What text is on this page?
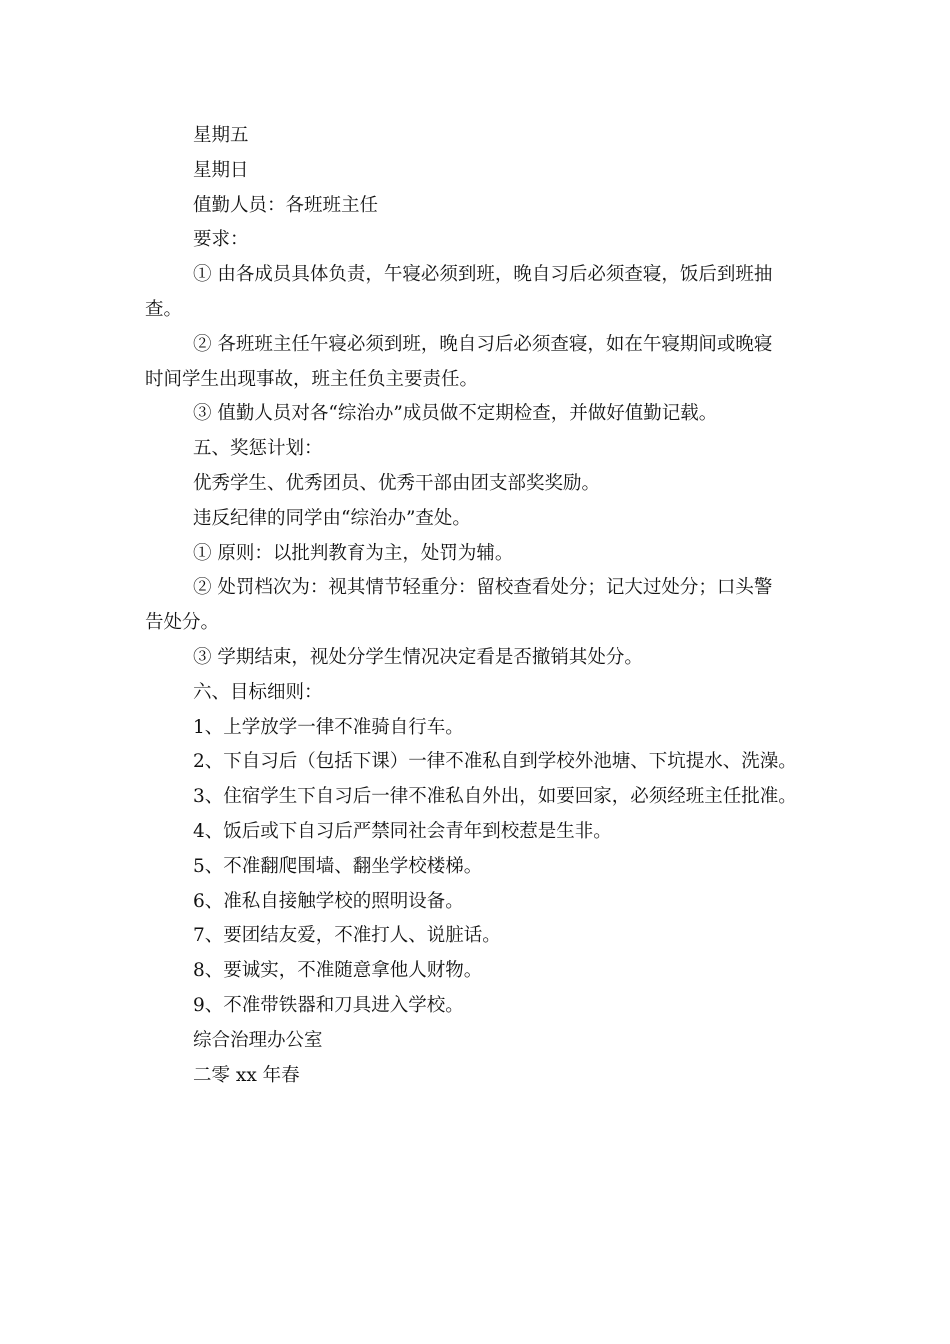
星期五
星期日
值勤人员：各班班主任
要求：
① 由各成员具体负责，午寝必须到班，晚自习后必须查寝，饭后到班抽
查。
② 各班班主任午寝必须到班，晚自习后必须查寝，如在午寝期间或晚寝
时间学生出现事故，班主任负主要责任。
③ 值勤人员对各“综治办”成员做不定期检查，并做好值勤记载。
五、奖惩计划：
优秀学生、优秀团员、优秀干部由团支部奖奖励。
违反纪律的同学由“综治办”查处。
① 原则：以批判教育为主，处罚为辅。
② 处罚档次为：视其情节轻重分：留校查看处分；记大过处分；口头警
告处分。
③ 学期结束，视处分学生情况决定看是否撤销其处分。
六、目标细则：
1、上学放学一律不准骑自行车。
2、下自习后（包括下课）一律不准私自到学校外池塘、下坑提水、洗澡。
3、住宿学生下自习后一律不准私自外出，如要回家，必须经班主任批准。
4、饭后或下自习后严禁同社会青年到校惹是生非。
5、不准翻爬围墙、翻坐学校楼梯。
6、准私自接触学校的照明设备。
7、要团结友爱，不准打人、说脏话。
8、要诚实，不准随意拿他人财物。
9、不准带铁器和刀具进入学校。
综合治理办公室
二零 xx 年春
